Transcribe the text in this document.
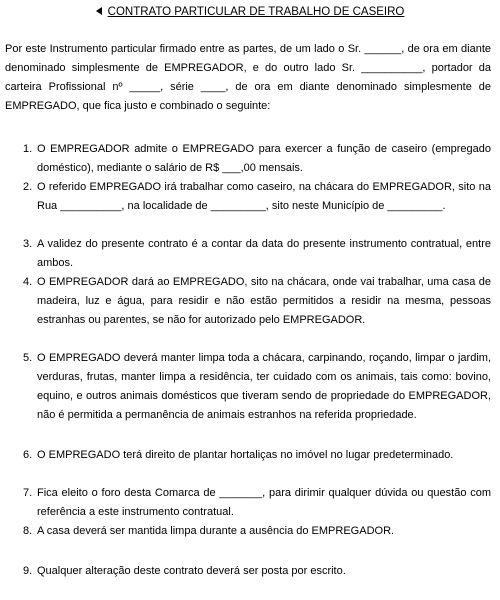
CONTRATO PARTICULAR DE TRABALHO DE CASEIRO

Por este Instrumento particular firmado entre as partes, de um lado o Sr. ______, de ora em diante denominado simplesmente de EMPREGADOR, e do outro lado Sr. __________, portador da carteira Profissional nº _____, série ____, de ora em diante denominado simplesmente de EMPREGADO, que fica justo e combinado o seguinte:

1. O EMPREGADOR admite o EMPREGADO para exercer a função de caseiro (empregado doméstico), mediante o salário de R$ ___,00 mensais.
2. O referido EMPREGADO irá trabalhar como caseiro, na chácara do EMPREGADOR, sito na Rua __________, na localidade de _________, sito neste Município de _________.
3. A validez do presente contrato é a contar da data do presente instrumento contratual, entre ambos.
4. O EMPREGADOR dará ao EMPREGADO, sito na chácara, onde vai trabalhar, uma casa de madeira, luz e água, para residir e não estão permitidos a residir na mesma, pessoas estranhas ou parentes, se não for autorizado pelo EMPREGADOR.
5. O EMPREGADO deverá manter limpa toda a chácara, carpinando, roçando, limpar o jardim, verduras, frutas, manter limpa a residência, ter cuidado com os animais, tais como: bovino, equino, e outros animais domésticos que tiveram sendo de propriedade do EMPREGADOR, não é permitida a permanência de animais estranhos na referida propriedade.
6. O EMPREGADO terá direito de plantar hortaliças no imóvel no lugar predeterminado.
7. Fica eleito o foro desta Comarca de _______, para dirimir qualquer dúvida ou questão com referência a este instrumento contratual.
8. A casa deverá ser mantida limpa durante a ausência do EMPREGADOR.
9. Qualquer alteração deste contrato deverá ser posta por escrito.
